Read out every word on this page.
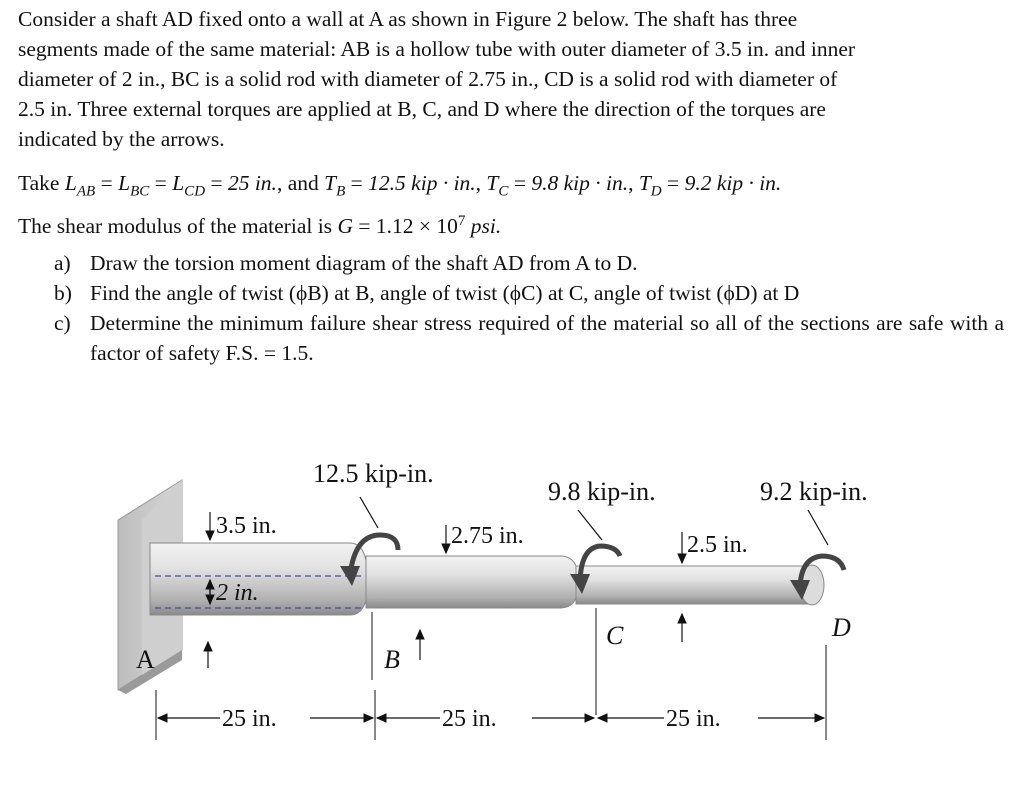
Consider a shaft AD fixed onto a wall at A as shown in Figure 2 below. The shaft has three
segments made of the same material: AB is a hollow tube with outer diameter of 3.5 in. and inner
diameter of 2 in., BC is a solid rod with diameter of 2.75 in., CD is a solid rod with diameter of
2.5 in. Three external torques are applied at B, C, and D where the direction of the torques are
indicated by the arrows.
Take $L_{AB} = L_{BC} = L_{CD} = 25$ in., and $T_B = 12.5$ kip · in., $T_C = 9.8$ kip · in., $T_D = 9.2$ kip · in.
The shear modulus of the material is $G = 1.12 \times 10^7$ psi.
a) Draw the torsion moment diagram of the shaft AD from A to D.
b) Find the angle of twist (ϕB) at B, angle of twist (ϕC) at C, angle of twist (ϕD) at D
c) Determine the minimum failure shear stress required of the material so all of the sections are safe with a factor of safety F.S. = 1.5.
12.5 kip-in.
9.8 kip-in.	9.2 kip-in.
3.5 in.
2 in.
2.75 in.	2.5 in.
A	B
C	D
25 in.	25 in.	25 in.
